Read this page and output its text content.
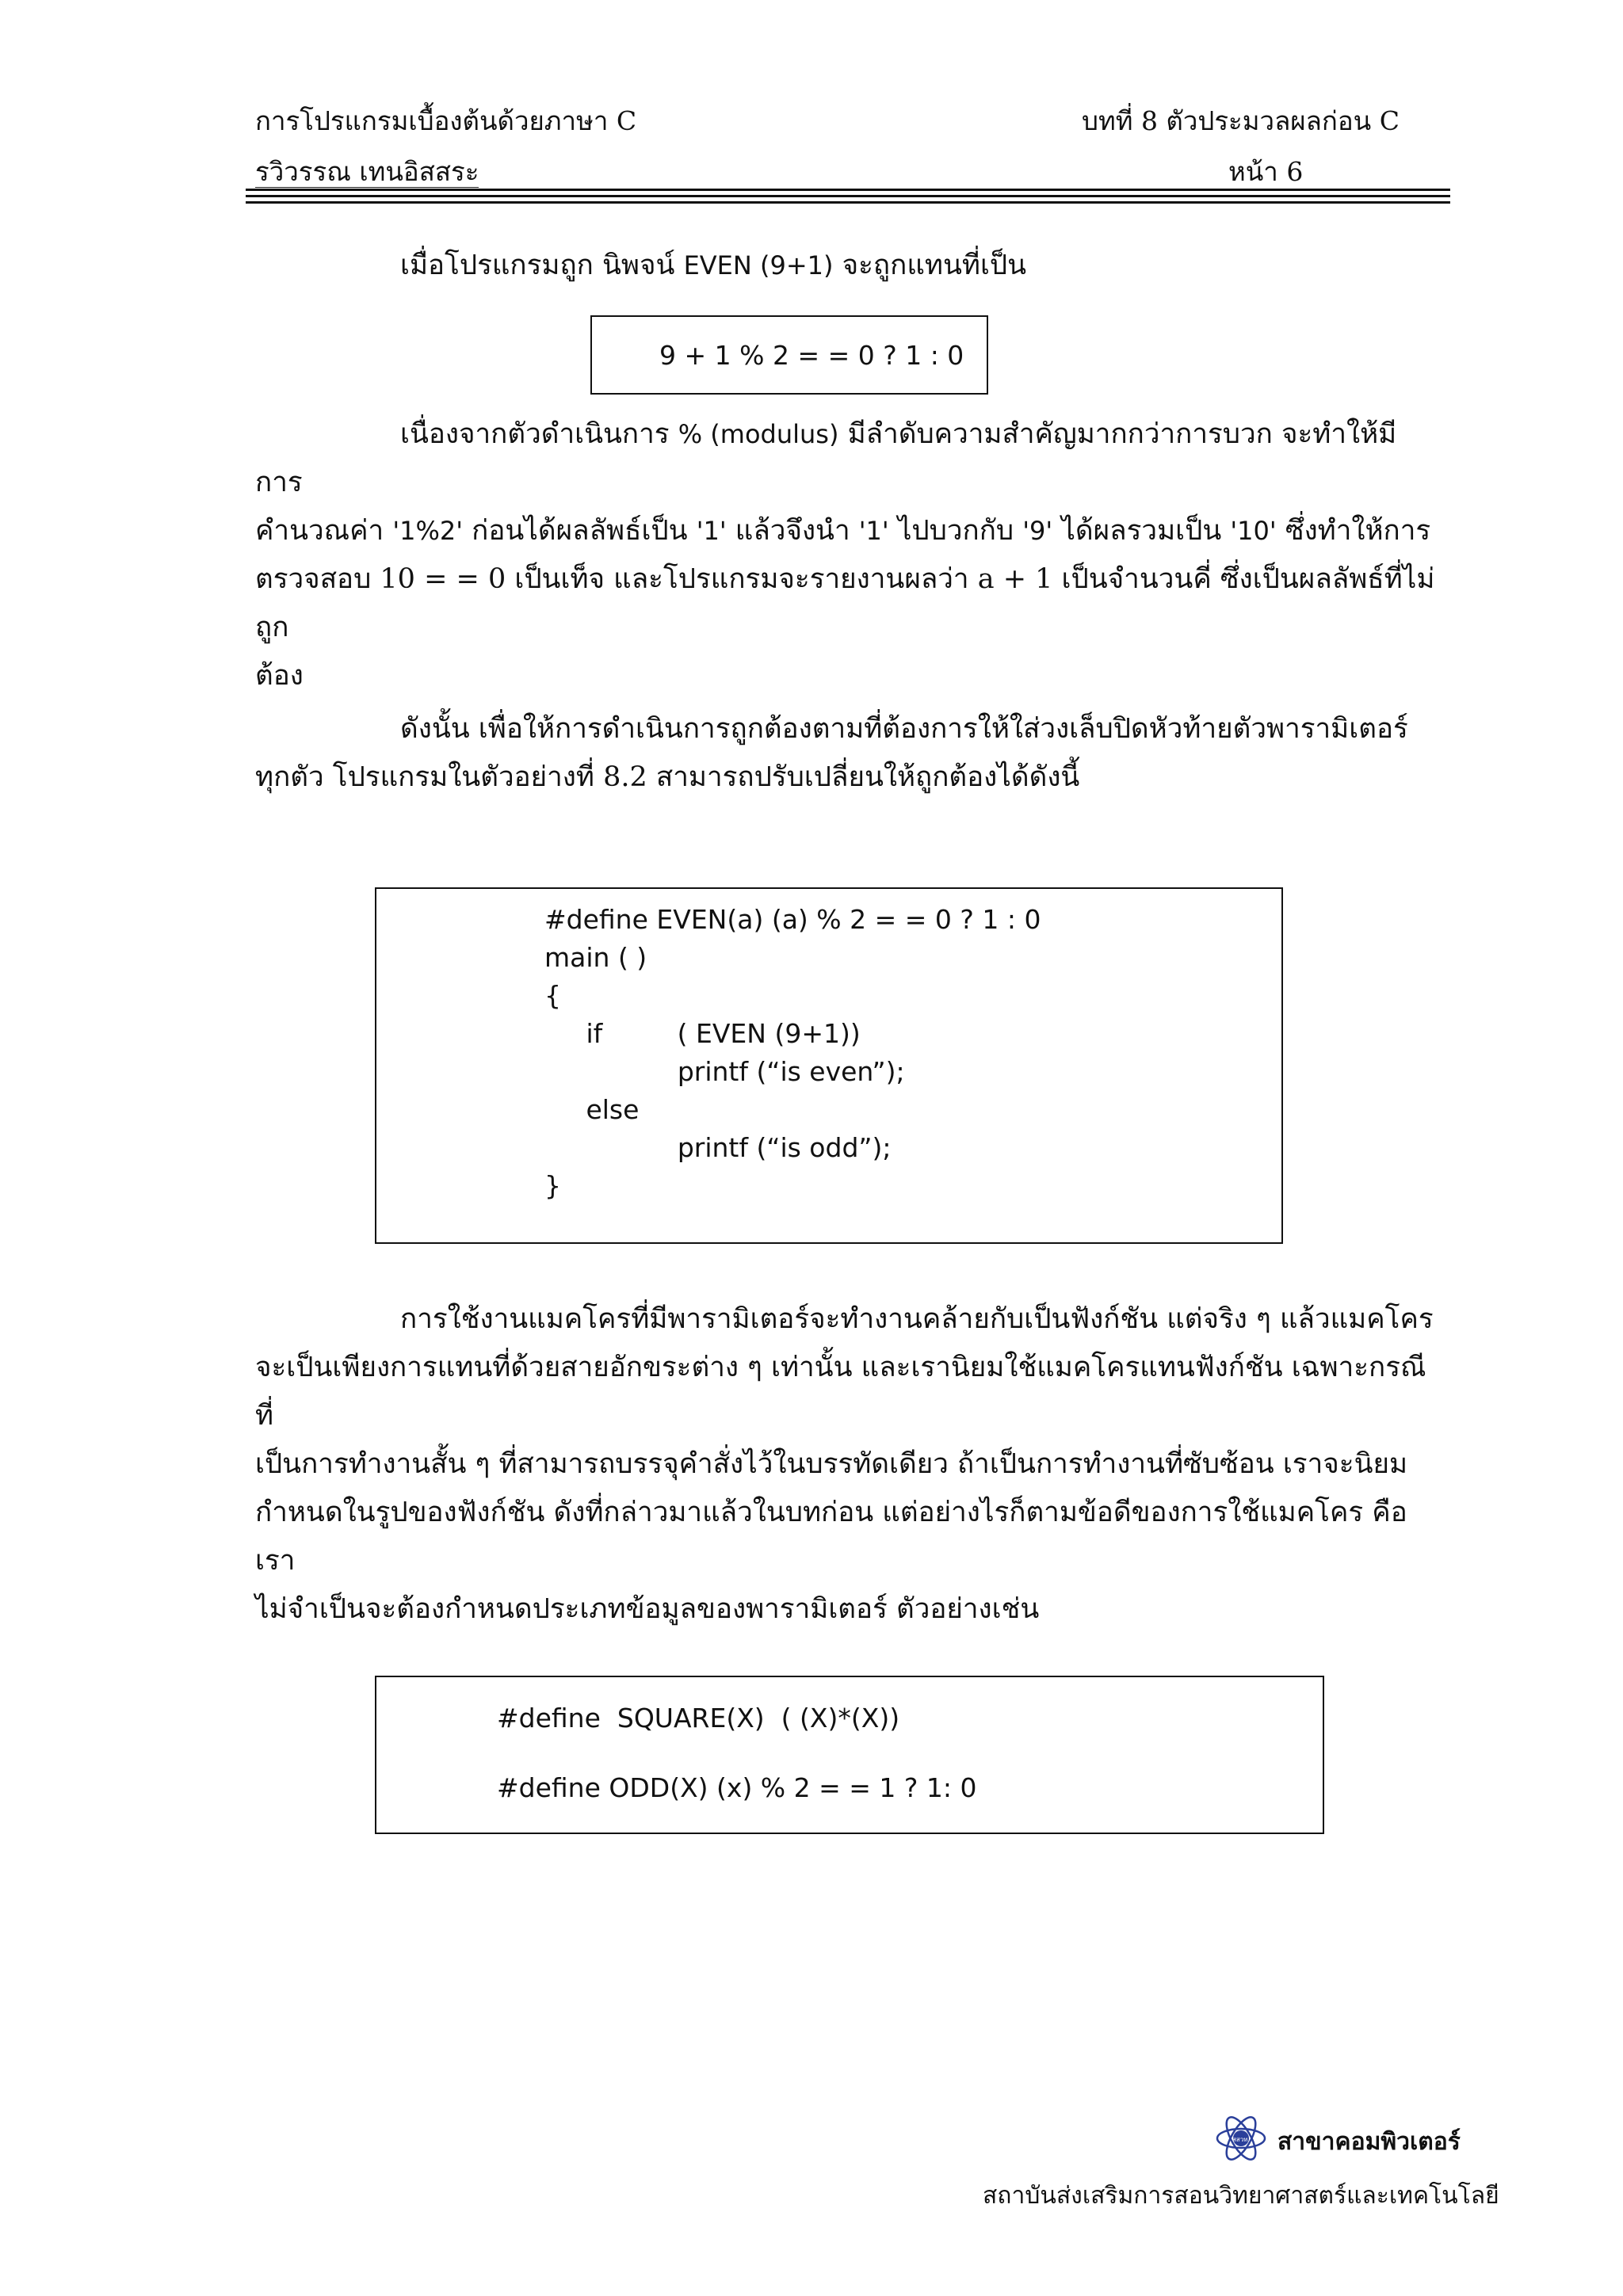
การโปรแกรมเบื้องต้นด้วยภาษา C	บทที่ 8 ตัวประมวลผลก่อน C
รวิวรรณ เทนอิสสระ	หน้า 6

เมื่อโปรแกรมถูก นิพจน์ EVEN (9+1) จะถูกแทนที่เป็น

9 + 1 % 2 = = 0 ? 1 : 0

เนื่องจากตัวดำเนินการ % (modulus) มีลำดับความสำคัญมากกว่าการบวก จะทำให้มีการ

คำนวณค่า '1%2' ก่อนได้ผลลัพธ์เป็น '1' แล้วจึงนำ '1' ไปบวกกับ '9' ได้ผลรวมเป็น '10' ซึ่งทำให้การ

ตรวจสอบ 10 = = 0 เป็นเท็จ และโปรแกรมจะรายงานผลว่า a + 1 เป็นจำนวนคี่ ซึ่งเป็นผลลัพธ์ที่ไม่ถูก

ต้อง

ดังนั้น เพื่อให้การดำเนินการถูกต้องตามที่ต้องการให้ใส่วงเล็บปิดหัวท้ายตัวพารามิเตอร์

ทุกตัว โปรแกรมในตัวอย่างที่ 8.2 สามารถปรับเปลี่ยนให้ถูกต้องได้ดังนี้

#define EVEN(a) (a) % 2 = = 0 ? 1 : 0
main ( )
{
if         ( EVEN (9+1))
printf (“is even”);
else
printf (“is odd”);
}

การใช้งานแมคโครที่มีพารามิเตอร์จะทำงานคล้ายกับเป็นฟังก์ชัน แต่จริง ๆ แล้วแมคโคร

จะเป็นเพียงการแทนที่ด้วยสายอักขระต่าง ๆ เท่านั้น และเรานิยมใช้แมคโครแทนฟังก์ชัน เฉพาะกรณีที่

เป็นการทำงานสั้น ๆ ที่สามารถบรรจุคำสั่งไว้ในบรรทัดเดียว ถ้าเป็นการทำงานที่ซับซ้อน เราจะนิยม

กำหนดในรูปของฟังก์ชัน ดังที่กล่าวมาแล้วในบทก่อน แต่อย่างไรก็ตามข้อดีของการใช้แมคโคร คือ เรา

ไม่จำเป็นจะต้องกำหนดประเภทข้อมูลของพารามิเตอร์ ตัวอย่างเช่น

#define  SQUARE(X)  ( (X)*(X))
#define ODD(X) (x) % 2 = = 1 ? 1: 0
สสวท. สาขาคอมพิวเตอร์
สถาบันส่งเสริมการสอนวิทยาศาสตร์และเทคโนโลยี
